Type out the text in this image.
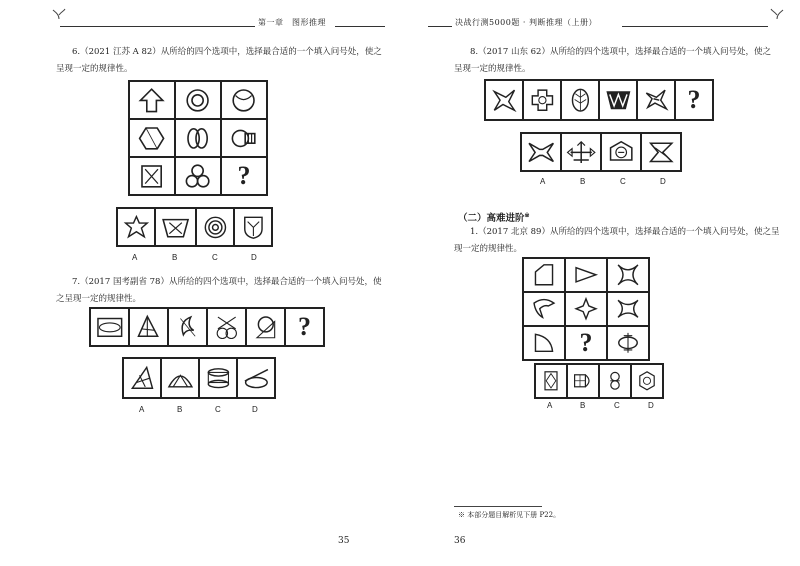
第一章　图形推理
6.（2021 江苏 A 82）从所给的四个选项中，选择最合适的一个填入问号处，使之
呈现一定的规律性。
?
A	B	C	D
7.（2017 国考副省 78）从所给的四个选项中，选择最合适的一个填入问号处，使
之呈现一定的规律性。
?
A	B	C	D
35
决战行测5000题 · 判断推理（上册）
8.（2017 山东 62）从所给的四个选项中，选择最合适的一个填入问号处，使之
呈现一定的规律性。
?
A	B	C	D
（二）高难进阶※
1.（2017 北京 89）从所给的四个选项中，选择最合适的一个填入问号处，使之呈
现一定的规律性。
?
A	B	C	D
※ 本部分题目解析见下册 P22。
36
